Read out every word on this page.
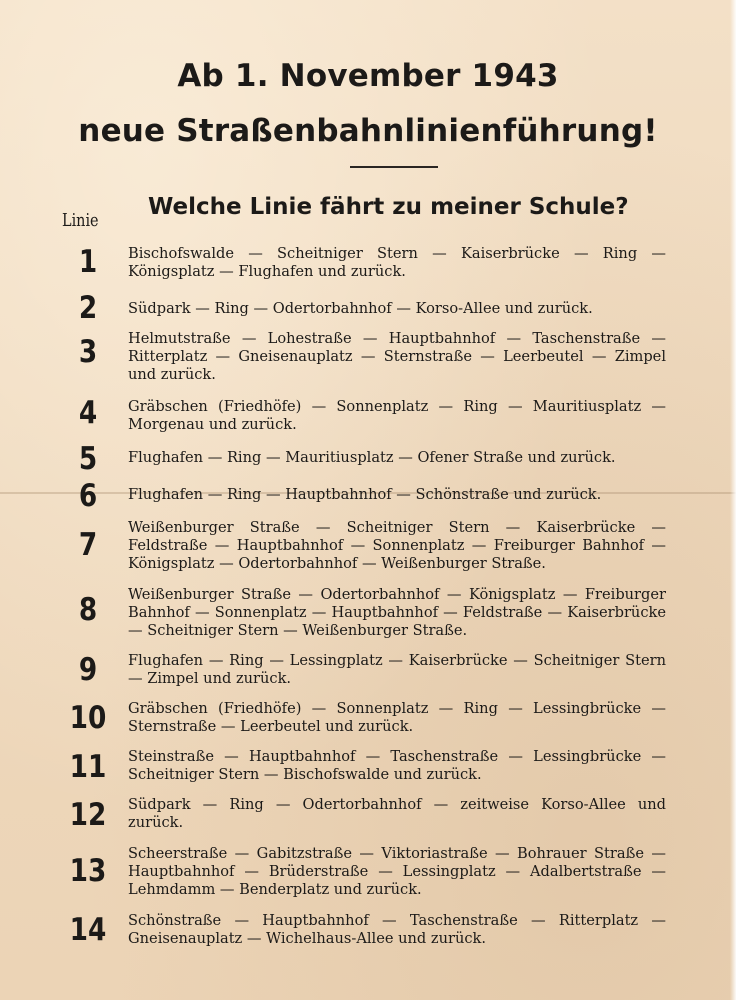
Ab 1. November 1943
neue Straßenbahnlinienführung!
Welche Linie fährt zu meiner Schule?
Linie
1	Bischofswalde — Scheitniger Stern — Kaiserbrücke — Ring — Königsplatz — Flughafen und zurück.

2	Südpark — Ring — Odertorbahnhof — Korso-Allee und zurück.

3	Helmutstraße — Lohestraße — Hauptbahnhof — Taschenstraße — Ritterplatz — Gneisenauplatz — Sternstraße — Leerbeutel — Zimpel und zurück.

4	Gräbschen (Friedhöfe) — Sonnenplatz — Ring — Mauritiusplatz — Morgenau und zurück.

5	Flughafen — Ring — Mauritiusplatz — Ofener Straße und zurück.

6	Flughafen — Ring — Hauptbahnhof — Schönstraße und zurück.

7	Weißenburger Straße — Scheitniger Stern — Kaiserbrücke — Feldstraße — Hauptbahnhof — Sonnenplatz — Freiburger Bahnhof — Königsplatz — Odertorbahnhof — Weißenburger Straße.

8	Weißenburger Straße — Odertorbahnhof — Königsplatz — Freiburger Bahnhof — Sonnenplatz — Hauptbahnhof — Feldstraße — Kaiserbrücke — Scheitniger Stern — Weißenburger Straße.

9	Flughafen — Ring — Lessingplatz — Kaiserbrücke — Scheitniger Stern — Zimpel und zurück.

10	Gräbschen (Friedhöfe) — Sonnenplatz — Ring — Lessingbrücke — Sternstraße — Leerbeutel und zurück.

11	Steinstraße — Hauptbahnhof — Taschenstraße — Lessingbrücke — Scheitniger Stern — Bischofswalde und zurück.

12	Südpark — Ring — Odertorbahnhof — zeitweise Korso-Allee und zurück.

13	Scheerstraße — Gabitzstraße — Viktoriastraße — Bohrauer Straße — Hauptbahnhof — Brüderstraße — Lessingplatz — Adalbertstraße — Lehmdamm — Benderplatz und zurück.

14	Schönstraße — Hauptbahnhof — Taschenstraße — Ritterplatz — Gneisenauplatz — Wichelhaus-Allee und zurück.
